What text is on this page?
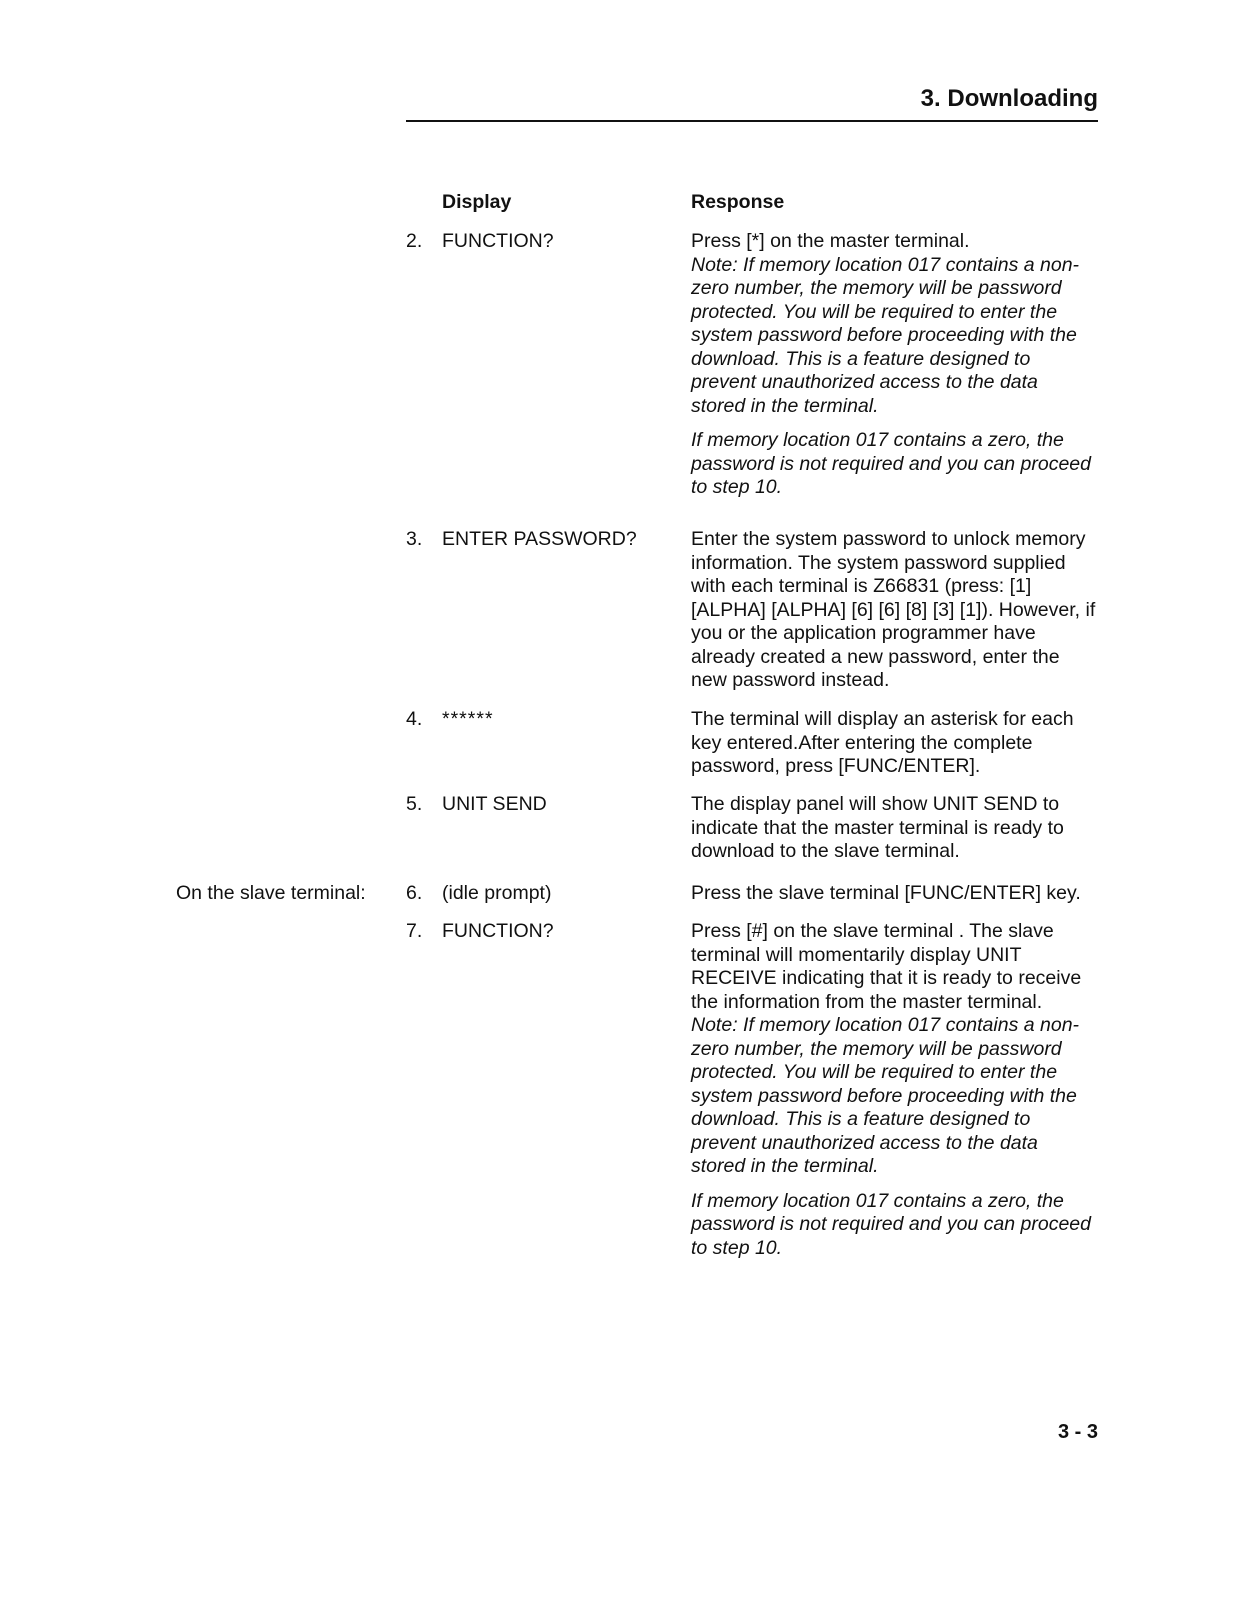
3. Downloading
Display	Response
2. FUNCTION?	Press [*] on the master terminal.
Note: If memory location 017 contains a non-zero number, the memory will be password protected. You will be required to enter the system password before proceeding with the download. This is a feature designed to prevent unauthorized access to the data stored in the terminal.
If memory location 017 contains a zero, the password is not required and you can proceed to step 10.
3. ENTER PASSWORD?	Enter the system password to unlock memory information. The system password supplied with each terminal is Z66831 (press: [1] [ALPHA] [ALPHA] [6] [6] [8] [3] [1]). However, if you or the application programmer have already created a new password, enter the new password instead.
4. ******	The terminal will display an asterisk for each key entered.After entering the complete password, press [FUNC/ENTER].
5. UNIT SEND	The display panel will show UNIT SEND to indicate that the master terminal is ready to download to the slave terminal.
On the slave terminal: 6. (idle prompt)	Press the slave terminal [FUNC/ENTER] key.
7. FUNCTION?	Press [#] on the slave terminal . The slave terminal will momentarily display UNIT RECEIVE indicating that it is ready to receive the information from the master terminal.
Note: If memory location 017 contains a non-zero number, the memory will be password protected. You will be required to enter the system password before proceeding with the download. This is a feature designed to prevent unauthorized access to the data stored in the terminal.
If memory location 017 contains a zero, the password is not required and you can proceed to step 10.
3 - 3
